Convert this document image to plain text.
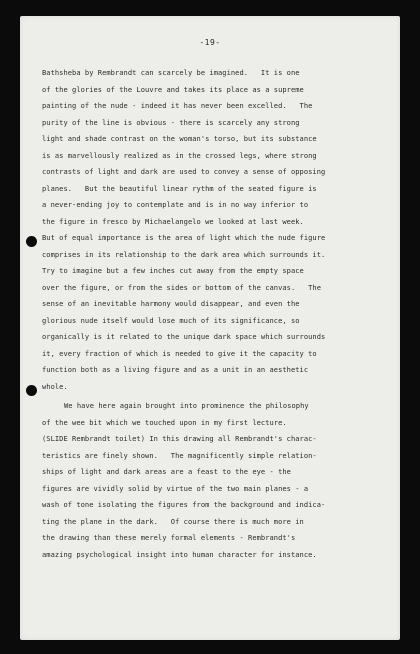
-19-
Bathsheba by Rembrandt can scarcely be imagined.   It is one
of the glories of the Louvre and takes its place as a supreme
painting of the nude - indeed it has never been excelled.   The
purity of the line is obvious - there is scarcely any strong
light and shade contrast on the woman's torso, but its substance
is as marvellously realized as in the crossed legs, where strong
contrasts of light and dark are used to convey a sense of opposing
planes.   But the beautiful linear rythm of the seated figure is
a never-ending joy to contemplate and is in no way inferior to
the figure in fresco by Michaelangelo we looked at last week.
But of equal importance is the area of light which the nude figure
comprises in its relationship to the dark area which surrounds it.
Try to imagine but a few inches cut away from the empty space
over the figure, or from the sides or bottom of the canvas.   The
sense of an inevitable harmony would disappear, and even the
glorious nude itself would lose much of its significance, so
organically is it related to the unique dark space which surrounds
it, every fraction of which is needed to give it the capacity to
function both as a living figure and as a unit in an aesthetic
whole.
We have here again brought into prominence the philosophy
of the wee bit which we touched upon in my first lecture.
(SLIDE Rembrandt toilet) In this drawing all Rembrandt's charac-
teristics are finely shown.   The magnificently simple relation-
ships of light and dark areas are a feast to the eye - the
figures are vividly solid by virtue of the two main planes - a
wash of tone isolating the figures from the background and indica-
ting the plane in the dark.   Of course there is much more in
the drawing than these merely formal elements - Rembrandt's
amazing psychological insight into human character for instance.
